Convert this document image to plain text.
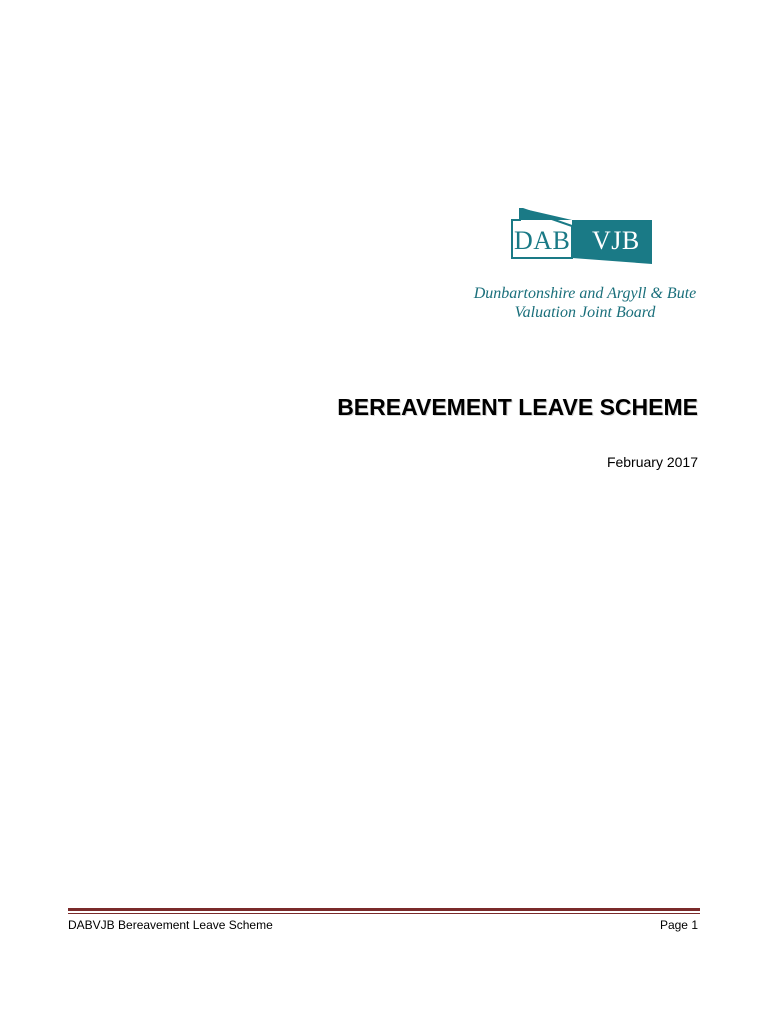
DAB VJB
Dunbartonshire and Argyll & Bute
Valuation Joint Board
BEREAVEMENT LEAVE SCHEME
February 2017
DABVJB Bereavement Leave Scheme	Page 1
